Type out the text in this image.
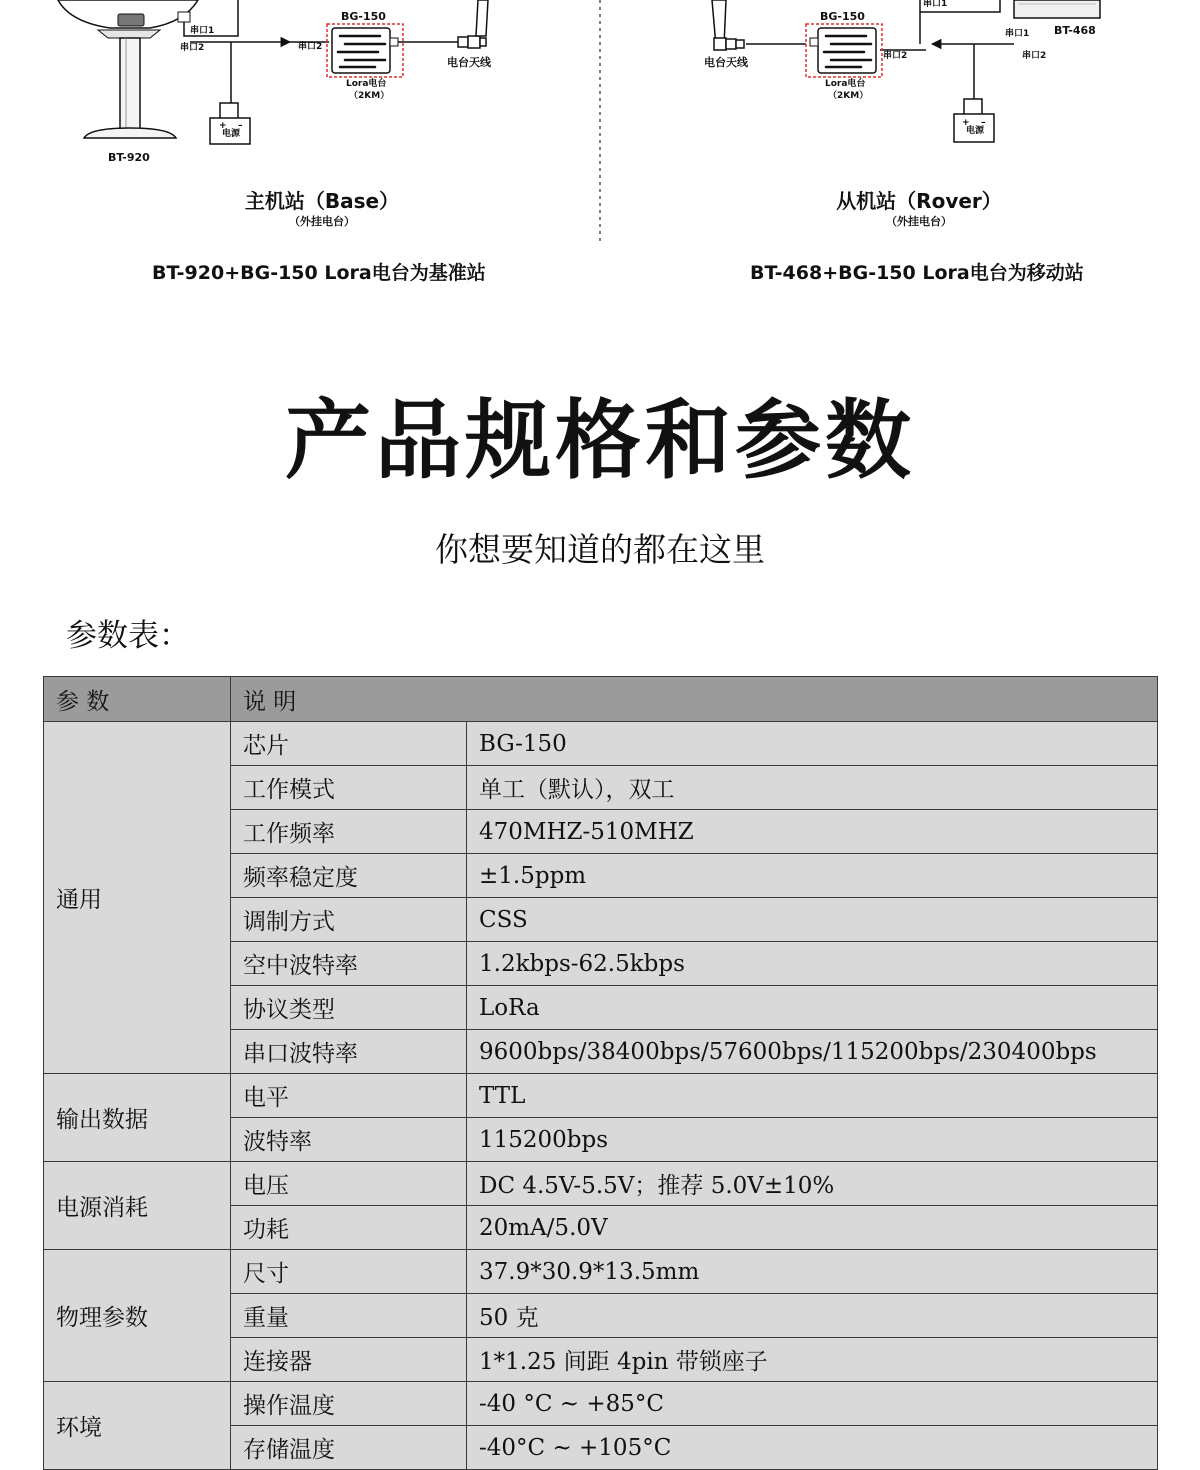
+ –	+ –
BT-920
串口1
串口2	串口2
BG-150
Lora电台
（2KM）
电台天线
电源
主机站（Base）
（外挂电台）
BT-920+BG-150 Lora电台为基准站
串口1
串口1
串口2
串口2
BT-468
BG-150
Lora电台
（2KM）
电台天线
电源
从机站（Rover）
（外挂电台）
BT-468+BG-150 Lora电台为移动站
产品规格和参数
你想要知道的都在这里
参数表：
参 数	说 明	
通用	芯片	BG-150
	工作模式	单工（默认），双工
	工作频率	470MHZ-510MHZ
	频率稳定度	±1.5ppm
	调制方式	CSS
	空中波特率	1.2kbps-62.5kbps
	协议类型	LoRa
	串口波特率	9600bps/38400bps/57600bps/115200bps/230400bps
输出数据	电平	TTL
	波特率	115200bps
电源消耗	电压	DC 4.5V-5.5V；推荐 5.0V±10%
	功耗	20mA/5.0V
物理参数	尺寸	37.9*30.9*13.5mm
	重量	50 克
	连接器	1*1.25 间距 4pin 带锁座子
环境	操作温度	-40 °C ~ +85°C
	存储温度	-40°C ~ +105°C
